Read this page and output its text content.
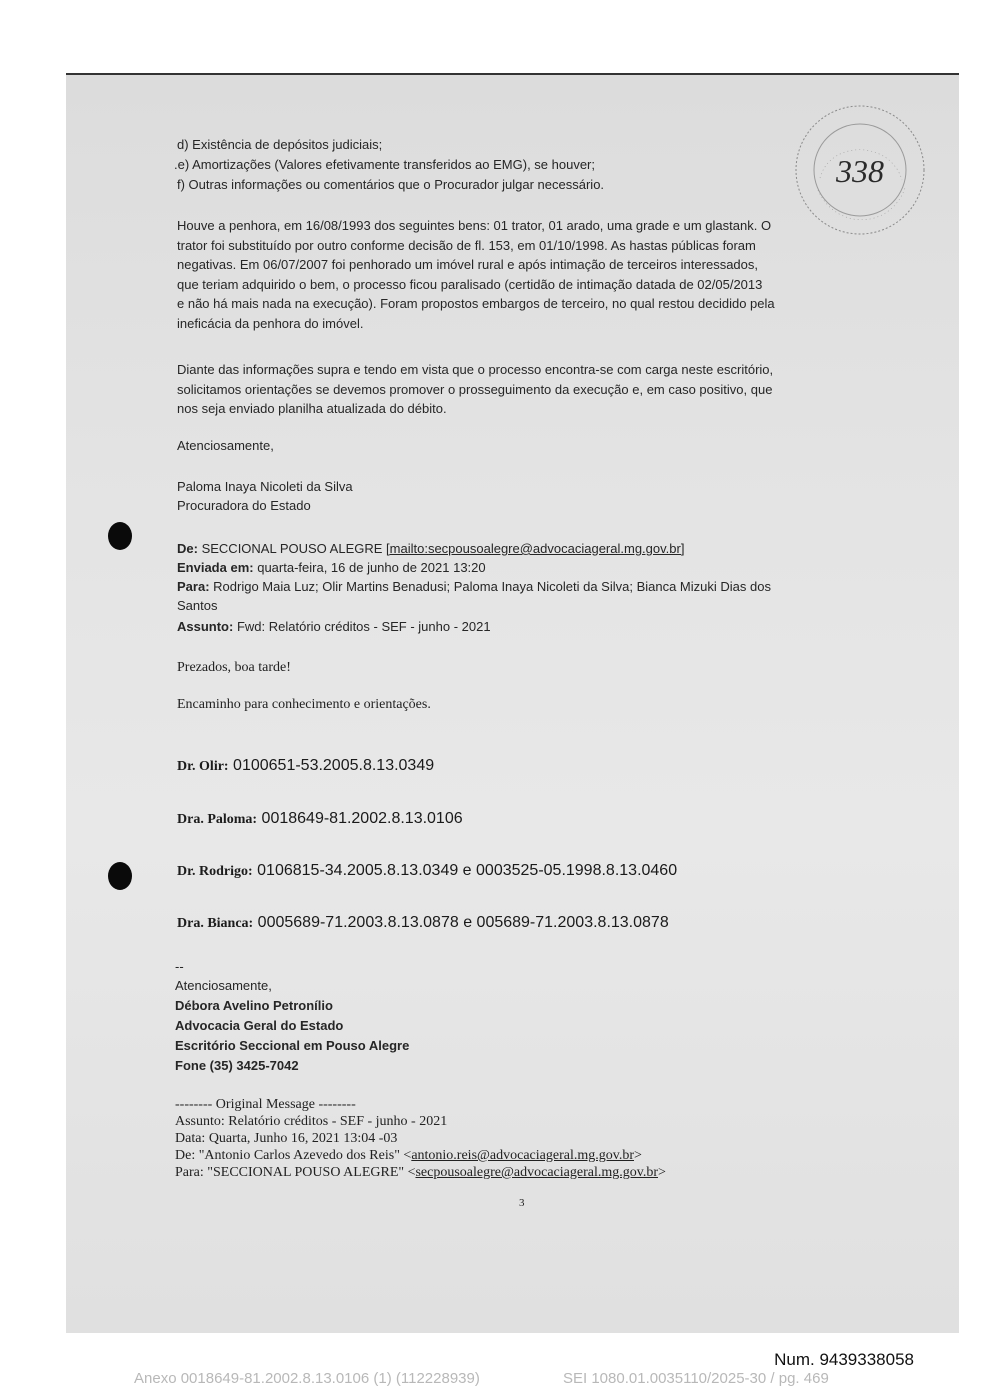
338

d) Existência de depósitos judiciais;

.e) Amortizações (Valores efetivamente transferidos ao EMG), se houver;

f) Outras informações ou comentários que o Procurador julgar necessário.

Houve a penhora, em 16/08/1993 dos seguintes bens: 01 trator, 01 arado, uma grade e um glastank. O
trator foi substituído por outro conforme decisão de fl. 153, em 01/10/1998. As hastas públicas foram
negativas. Em 06/07/2007 foi penhorado um imóvel rural e após intimação de terceiros interessados,
que teriam adquirido o bem, o processo ficou paralisado (certidão de intimação datada de 02/05/2013
e não há mais nada na execução). Foram propostos embargos de terceiro, no qual restou decidido pela
ineficácia da penhora do imóvel.
Diante das informações supra e tendo em vista que o processo encontra-se com carga neste escritório,
solicitamos orientações se devemos promover o prosseguimento da execução e, em caso positivo, que
nos seja enviado planilha atualizada do débito.

Atenciosamente,

Paloma Inaya Nicoleti da Silva

Procuradora do Estado

De: SECCIONAL POUSO ALEGRE [mailto:secpousoalegre@advocaciageral.mg.gov.br]

Enviada em: quarta-feira, 16 de junho de 2021 13:20

Para: Rodrigo Maia Luz; Olir Martins Benadusi; Paloma Inaya Nicoleti da Silva; Bianca Mizuki Dias dos

Santos

Assunto: Fwd: Relatório créditos - SEF - junho - 2021

Prezados, boa tarde!

Encaminho para conhecimento e orientações.

Dr. Olir: 0100651-53.2005.8.13.0349

Dra. Paloma: 0018649-81.2002.8.13.0106

Dr. Rodrigo: 0106815-34.2005.8.13.0349 e 0003525-05.1998.8.13.0460

Dra. Bianca: 0005689-71.2003.8.13.0878 e 005689-71.2003.8.13.0878

--

Atenciosamente,

Débora Avelino Petronílio

Advocacia Geral do Estado

Escritório Seccional em Pouso Alegre

Fone (35) 3425-7042

-------- Original Message --------

Assunto: Relatório créditos - SEF - junho - 2021

Data: Quarta, Junho 16, 2021 13:04 -03

De: "Antonio Carlos Azevedo dos Reis" <antonio.reis@advocaciageral.mg.gov.br>

Para: "SECCIONAL POUSO ALEGRE" <secpousoalegre@advocaciageral.mg.gov.br>

3

Num. 9439338058
Anexo 0018649-81.2002.8.13.0106 (1) (112228939)	SEI 1080.01.0035110/2025-30 / pg. 469
